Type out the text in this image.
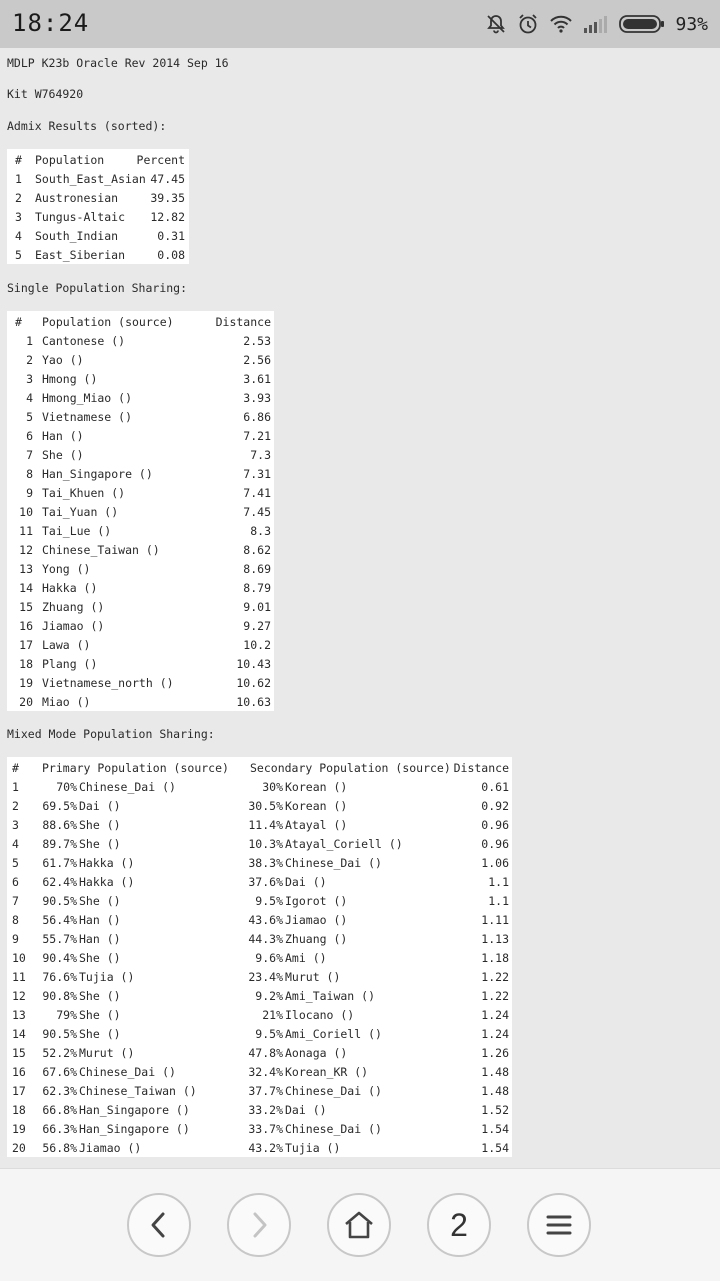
18:24	93%
MDLP K23b Oracle Rev 2014 Sep 16
Kit W764920
Admix Results (sorted):
# Population	Percent
1 South_East_Asian 47.45
2 Austronesian	39.35
3 Tungus-Altaic	12.82
4 South_Indian	0.31
5 East_Siberian	0.08
Single Population Sharing:
# Population (source)	Distance
1 Cantonese ()	2.53
2 Yao ()	2.56
3 Hmong ()	3.61
4 Hmong_Miao ()	3.93
5 Vietnamese ()	6.86
6 Han ()	7.21
7 She ()	7.3
8 Han_Singapore ()	7.31
9 Tai_Khuen ()	7.41
10 Tai_Yuan ()	7.45
11 Tai_Lue ()	8.3
12 Chinese_Taiwan ()	8.62
13 Yong ()	8.69
14 Hakka ()	8.79
15 Zhuang ()	9.01
16 Jiamao ()	9.27
17 Lawa ()	10.2
18 Plang ()	10.43
19 Vietnamese_north ()	10.62
20 Miao ()	10.63
Mixed Mode Population Sharing:
# Primary Population (source) Secondary Population (source) Distance
1	70% Chinese_Dai ()	30% Korean ()	0.61
2	69.5% Dai ()	30.5% Korean ()	0.92
3	88.6% She ()	11.4% Atayal ()	0.96
4	89.7% She ()	10.3% Atayal_Coriell ()	0.96
5	61.7% Hakka ()	38.3% Chinese_Dai ()	1.06
6	62.4% Hakka ()	37.6% Dai ()	1.1
7	90.5% She ()	9.5% Igorot ()	1.1
8	56.4% Han ()	43.6% Jiamao ()	1.11
9	55.7% Han ()	44.3% Zhuang ()	1.13
10	90.4% She ()	9.6% Ami ()	1.18
11	76.6% Tujia ()	23.4% Murut ()	1.22
12	90.8% She ()	9.2% Ami_Taiwan ()	1.22
13	79% She ()	21% Ilocano ()	1.24
14	90.5% She ()	9.5% Ami_Coriell ()	1.24
15	52.2% Murut ()	47.8% Aonaga ()	1.26
16	67.6% Chinese_Dai ()	32.4% Korean_KR ()	1.48
17	62.3% Chinese_Taiwan ()	37.7% Chinese_Dai ()	1.48
18	66.8% Han_Singapore ()	33.2% Dai ()	1.52
19	66.3% Han_Singapore ()	33.7% Chinese_Dai ()	1.54
20	56.8% Jiamao ()	43.2% Tujia ()	1.54
2
